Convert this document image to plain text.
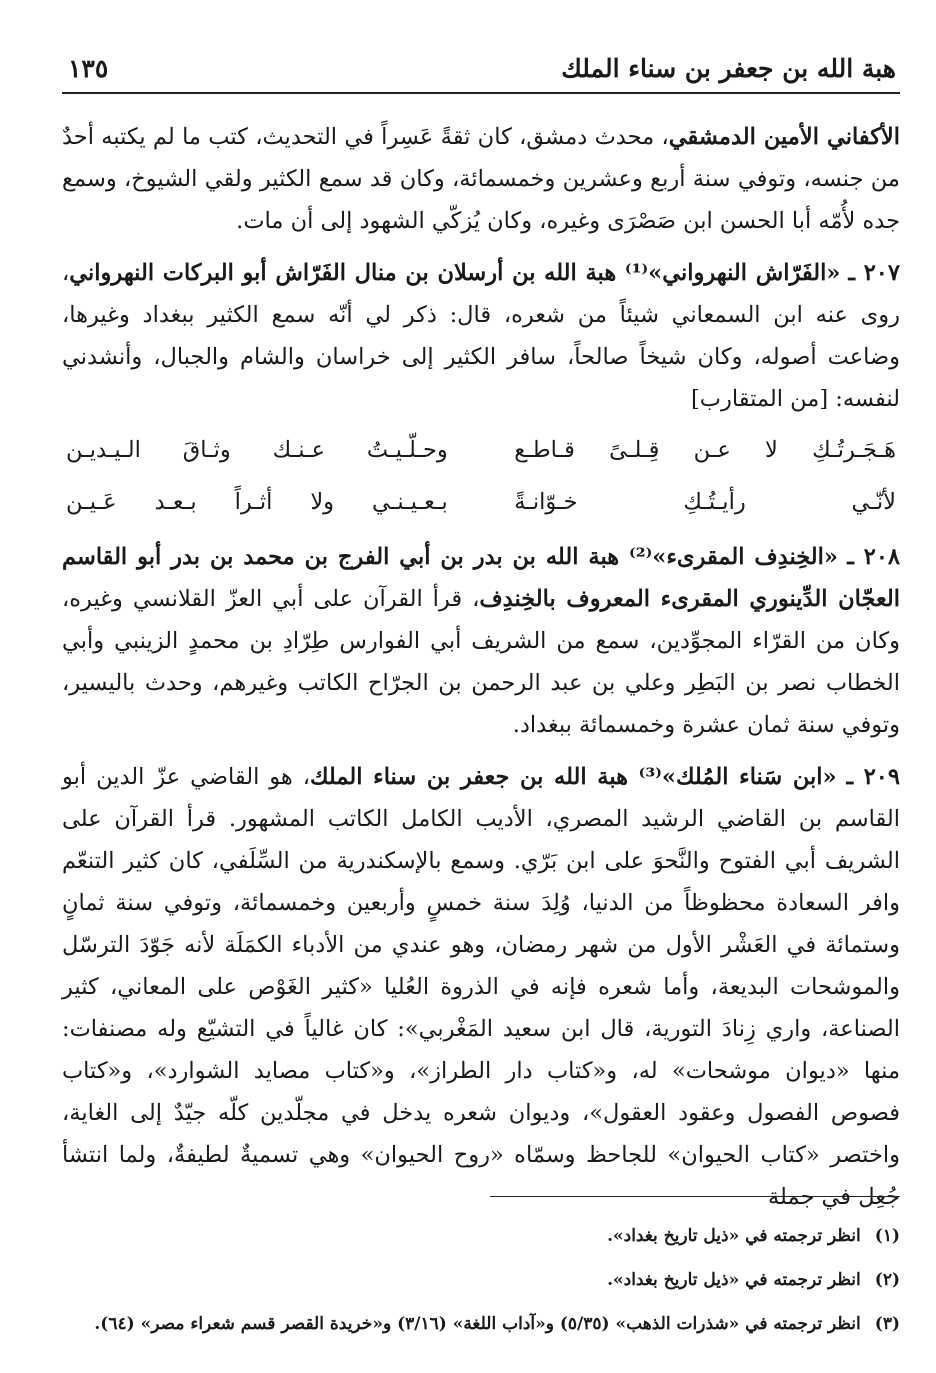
هبة الله بن جعفر بن سناء الملك
١٣٥

الأكفاني الأمين الدمشقي، محدث دمشق، كان ثقةً عَسِراً في التحديث، كتب ما لم يكتبه أحدٌ من جنسه، وتوفي سنة أربع وعشرين وخمسمائة، وكان قد سمع الكثير ولقي الشيوخ، وسمع جده لأُمّه أبا الحسن ابن صَصْرَى وغيره، وكان يُزكّي الشهود إلى أن مات.

٢٠٧ ـ «الفَرّاش النهرواني»⁽¹⁾ هبة الله بن أرسلان بن منال الفَرّاش أبو البركات النهرواني، روى عنه ابن السمعاني شيئاً من شعره، قال: ذكر لي أنّه سمع الكثير ببغداد وغيرها، وضاعت أصوله، وكان شيخاً صالحاً، سافر الكثير إلى خراسان والشام والجبال، وأنشدني لنفسه: [من المتقارب]

هَـجَـرتُـكِ لا عـن قِـلـىً قـاطـع
وحـلّـيـتُ عـنـك وثـاقَ الـيـديـن
لأنّـي رأيـتُـكِ خـوّانـةً
بـعـيـنـي ولا أثـراً بـعـد عَـيـن

٢٠٨ ـ «الخِندِف المقرىء»⁽²⁾ هبة الله بن بدر بن أبي الفرج بن محمد بن بدر أبو القاسم العجّان الدِّينوري المقرىء المعروف بالخِندِف، قرأ القرآن على أبي العزّ القلانسي وغيره، وكان من القرّاء المجوِّدين، سمع من الشريف أبي الفوارس طِرّادِ بن محمدٍ الزينبي وأبي الخطاب نصر بن البَطِر وعلي بن عبد الرحمن بن الجرّاح الكاتب وغيرهم، وحدث باليسير، وتوفي سنة ثمان عشرة وخمسمائة ببغداد.

٢٠٩ ـ «ابن سَناء المُلك»⁽³⁾ هبة الله بن جعفر بن سناء الملك، هو القاضي عزّ الدين أبو القاسم بن القاضي الرشيد المصري، الأديب الكامل الكاتب المشهور. قرأ القرآن على الشريف أبي الفتوح والنَّحوَ على ابن بَرّي. وسمع بالإسكندرية من السِّلَفي، كان كثير التنعّم وافر السعادة محظوظاً من الدنيا، وُلِدَ سنة خمسٍ وأربعين وخمسمائة، وتوفي سنة ثمانٍ وستمائة في العَشْر الأول من شهر رمضان، وهو عندي من الأدباء الكمَلَة لأنه جَوّدَ الترسّل والموشحات البديعة، وأما شعره فإنه في الذروة العُليا «كثير الغَوْص على المعاني، كثير الصناعة، واري زِنادَ التورية، قال ابن سعيد المَغْربي»: كان غالياً في التشيّع وله مصنفات: منها «ديوان موشحات» له، و«كتاب دار الطراز»، و«كتاب مصايد الشوارد»، و«كتاب فصوص الفصول وعقود العقول»، وديوان شعره يدخل في مجلّدين كلّه جيّدٌ إلى الغاية، واختصر «كتاب الحيوان» للجاحظ وسمّاه «روح الحيوان» وهي تسميةٌ لطيفةٌ، ولما انتشأ جُعِل في جملة

(١)انظر ترجمته في «ذيل تاريخ بغداد».
(٢)انظر ترجمته في «ذيل تاريخ بغداد».
(٣)انظر ترجمته في «شذرات الذهب» (٥/٣٥) و«آداب اللغة» (٣/١٦) و«خريدة القصر قسم شعراء مصر» (٦٤).
